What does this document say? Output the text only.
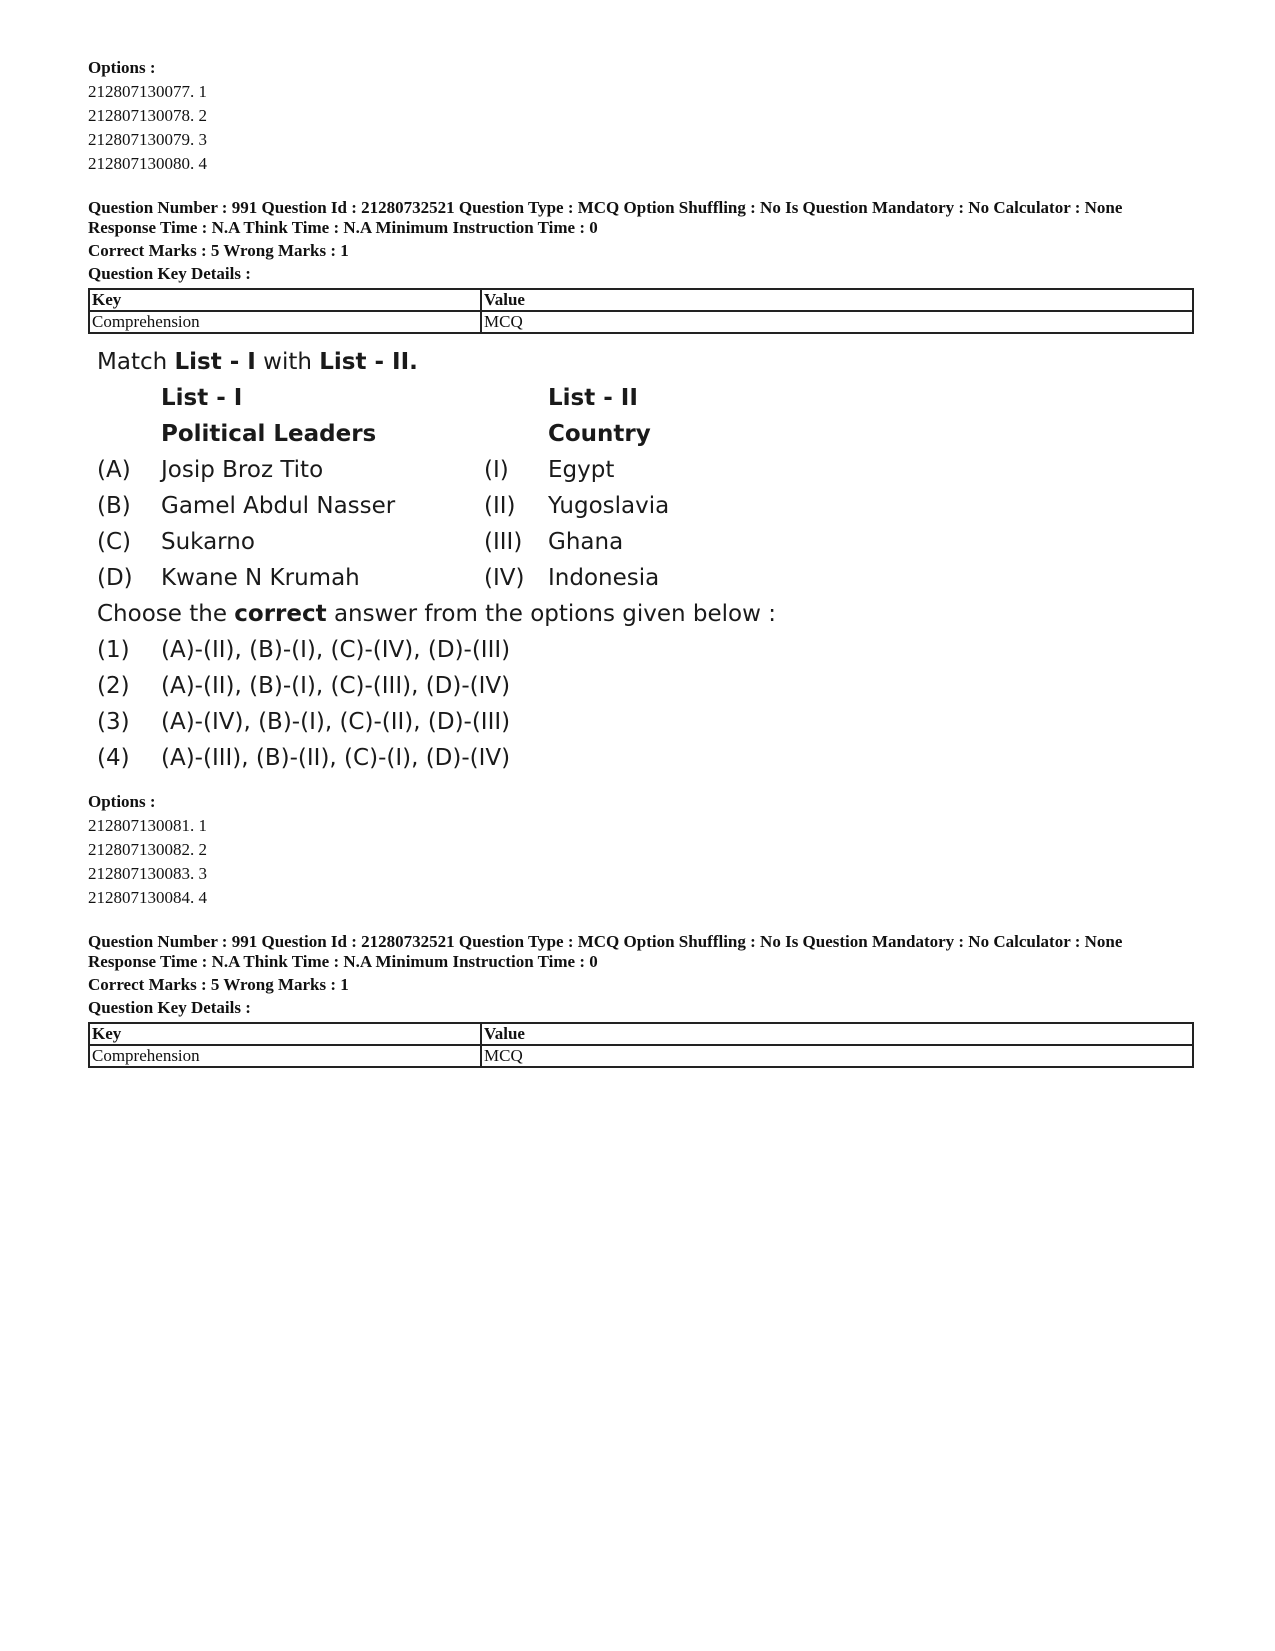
Options :
212807130077. 1
212807130078. 2
212807130079. 3
212807130080. 4
Question Number : 991 Question Id : 21280732521 Question Type : MCQ Option Shuffling : No Is Question Mandatory : No Calculator : None
Response Time : N.A Think Time : N.A Minimum Instruction Time : 0
Correct Marks : 5 Wrong Marks : 1
Question Key Details :
Key	Value
Comprehension	MCQ
Match List - I with List - II.
List - I	List - II
Political Leaders	Country
(A)	Josip Broz Tito	(I)	Egypt
(B)	Gamel Abdul Nasser	(II)	Yugoslavia
(C)	Sukarno	(III)	Ghana
(D)	Kwane N Krumah	(IV)	Indonesia
Choose the correct answer from the options given below :
(1)	(A)-(II), (B)-(I), (C)-(IV), (D)-(III)
(2)	(A)-(II), (B)-(I), (C)-(III), (D)-(IV)
(3)	(A)-(IV), (B)-(I), (C)-(II), (D)-(III)
(4)	(A)-(III), (B)-(II), (C)-(I), (D)-(IV)
Options :
212807130081. 1
212807130082. 2
212807130083. 3
212807130084. 4
Question Number : 991 Question Id : 21280732521 Question Type : MCQ Option Shuffling : No Is Question Mandatory : No Calculator : None
Response Time : N.A Think Time : N.A Minimum Instruction Time : 0
Correct Marks : 5 Wrong Marks : 1
Question Key Details :
Key	Value
Comprehension	MCQ
